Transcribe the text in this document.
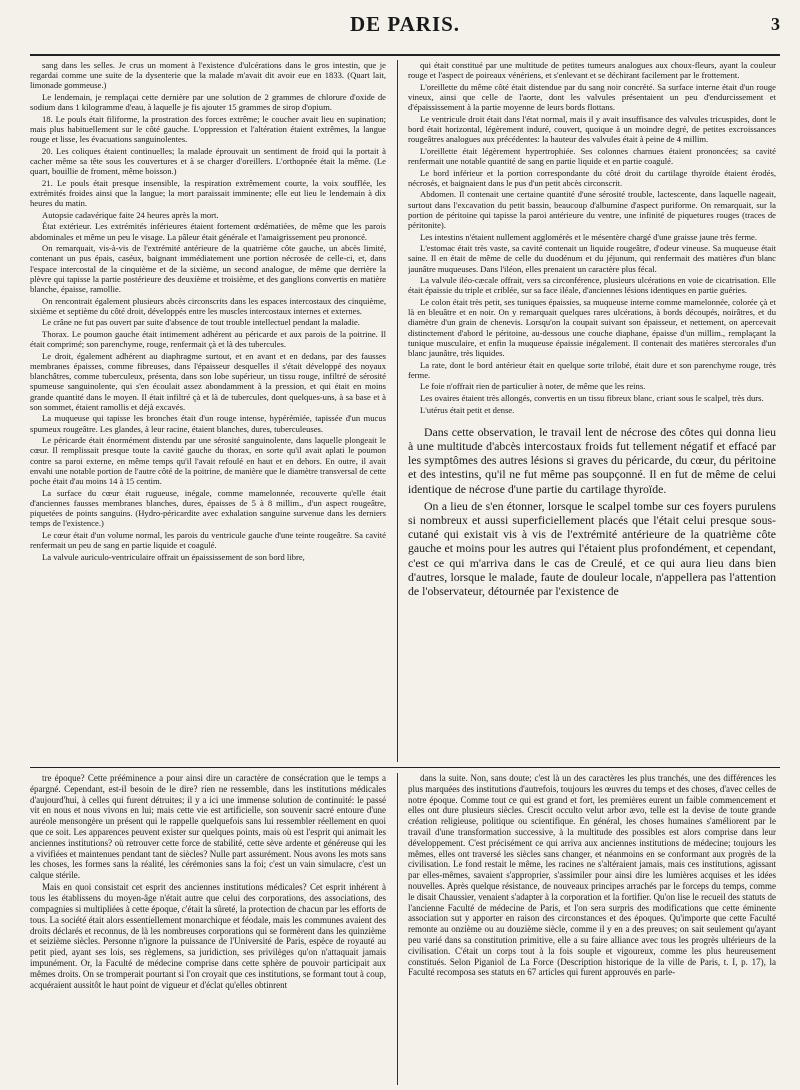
DE PARIS.	3

sang dans les selles. Je crus un moment à l'existence d'ulcérations dans le gros intestin, que je regardai comme une suite de la dysenterie que la malade m'avait dit avoir eue en 1833. (Quart lait, limonade gommeuse.)

Le lendemain, je remplaçai cette dernière par une solution de 2 grammes de chlorure d'oxide de sodium dans 1 kilogramme d'eau, à laquelle je fis ajouter 15 grammes de sirop d'opium.

18. Le pouls était filiforme, la prostration des forces extrême; le coucher avait lieu en supination; mais plus habituellement sur le côté gauche. L'oppression et l'altération étaient extrêmes, la langue rouge et lisse, les évacuations sanguinolentes.

20. Les coliques étaient continuelles; la malade éprouvait un sentiment de froid qui la portait à cacher même sa tête sous les couvertures et à se charger d'oreillers. L'orthopnée était la même. (Le quart, bouillie de froment, même boisson.)

21. Le pouls était presque insensible, la respiration extrêmement courte, la voix soufflée, les extrémités froides ainsi que la langue; la mort paraissait imminente; elle eut lieu le lendemain à dix heures du matin.

Autopsie cadavérique faite 24 heures après la mort.

État extérieur. Les extrémités inférieures étaient fortement œdématiées, de même que les parois abdominales et même un peu le visage. La pâleur était générale et l'amaigrissement peu prononcé.

On remarquait, vis-à-vis de l'extrémité antérieure de la quatrième côte gauche, un abcès limité, contenant un pus épais, caséux, baignant immédiatement une portion nécrosée de celle-ci, et, dans l'espace intercostal de la cinquième et de la sixième, un second analogue, de même que derrière la plèvre qui tapisse la partie postérieure des deuxième et troisième, et des ganglions convertis en matière blanche, épaisse, ramollie.

On rencontrait également plusieurs abcès circonscrits dans les espaces intercostaux des cinquième, sixième et septième du côté droit, développés entre les muscles intercostaux internes et externes.

Le crâne ne fut pas ouvert par suite d'absence de tout trouble intellectuel pendant la maladie.

Thorax. Le poumon gauche était intimement adhérent au péricarde et aux parois de la poitrine. Il était comprimé; son parenchyme, rouge, renfermait çà et là des tubercules.

Le droit, également adhérent au diaphragme surtout, et en avant et en dedans, par des fausses membranes épaisses, comme fibreuses, dans l'épaisseur desquelles il s'était développé des noyaux blanchâtres, comme tuberculeux, présenta, dans son lobe supérieur, un tissu rouge, infiltré de sérosité spumeuse sanguinolente, qui s'en écoulait assez abondamment à la pression, et qui était en moins grande quantité dans le moyen. Il était infiltré çà et là de tubercules, dont quelques-uns, à sa base et à son sommet, étaient ramollis et déjà excavés.

La muqueuse qui tapisse les bronches était d'un rouge intense, hypérémiée, tapissée d'un mucus spumeux rougeâtre. Les glandes, à leur racine, étaient blanches, dures, tuberculeuses.

Le péricarde était énormément distendu par une sérosité sanguinolente, dans laquelle plongeait le cœur. Il remplissait presque toute la cavité gauche du thorax, en sorte qu'il avait aplati le poumon contre sa paroi externe, en même temps qu'il l'avait refoulé en haut et en dehors. En outre, il avait envahi une notable portion de l'autre côté de la poitrine, de manière que le diamètre transversal de cette poche était d'au moins 14 à 15 centim.

La surface du cœur était rugueuse, inégale, comme mamelonnée, recouverte qu'elle était d'anciennes fausses membranes blanches, dures, épaisses de 5 à 8 millim., d'un aspect rougeâtre, piquetées de points sanguins. (Hydro-péricardite avec exhalation sanguine survenue dans les derniers temps de l'existence.)

Le cœur était d'un volume normal, les parois du ventricule gauche d'une teinte rougeâtre. Sa cavité renfermait un peu de sang en partie liquide et coagulé.

La valvule auriculo-ventriculaire offrait un épaississement de son bord libre,

qui était constitué par une multitude de petites tumeurs analogues aux choux-fleurs, ayant la couleur rouge et l'aspect de poireaux vénériens, et s'enlevant et se déchirant facilement par le frottement.

L'oreillette du même côté était distendue par du sang noir concrété. Sa surface interne était d'un rouge vineux, ainsi que celle de l'aorte, dont les valvules présentaient un peu d'endurcissement et d'épaississement à la partie moyenne de leurs bords flottans.

Le ventricule droit était dans l'état normal, mais il y avait insuffisance des valvules tricuspides, dont le bord était horizontal, légèrement induré, couvert, quoique à un moindre degré, de petites excroissances rougeâtres analogues aux précédentes: la hauteur des valvules était à peine de 4 millim.

L'oreillette était légèrement hypertrophiée. Ses colonnes charnues étaient prononcées; sa cavité renfermait une notable quantité de sang en partie liquide et en partie coagulé.

Le bord inférieur et la portion correspondante du côté droit du cartilage thyroïde étaient érodés, nécrosés, et baignaient dans le pus d'un petit abcès circonscrit.

Abdomen. Il contenait une certaine quantité d'une sérosité trouble, lactescente, dans laquelle nageait, surtout dans l'excavation du petit bassin, beaucoup d'albumine d'aspect puriforme. On remarquait, sur la portion de péritoine qui tapisse la paroi antérieure du ventre, une infinité de piquetures rouges (traces de péritonite).

Les intestins n'étaient nullement agglomérés et le mésentère chargé d'une graisse jaune très ferme.

L'estomac était très vaste, sa cavité contenait un liquide rougeâtre, d'odeur vineuse. Sa muqueuse était saine. Il en était de même de celle du duodénum et du jéjunum, qui renfermait des matières d'un blanc jaunâtre muqueuses. Dans l'iléon, elles prenaient un caractère plus fécal.

La valvule iléo-cæcale offrait, vers sa circonférence, plusieurs ulcérations en voie de cicatrisation. Elle était épaissie du triple et criblée, sur sa face iléale, d'anciennes lésions identiques en partie guéries.

Le colon était très petit, ses tuniques épaissies, sa muqueuse interne comme mamelonnée, colorée çà et là en bleuâtre et en noir. On y remarquait quelques rares ulcérations, à bords découpés, noirâtres, et du diamètre d'un grain de chenevis. Lorsqu'on la coupait suivant son épaisseur, et nettement, on apercevait distinctement d'abord le péritoine, au-dessous une couche diaphane, épaisse d'un millim., remplaçant la tunique musculaire, et enfin la muqueuse épaissie inégalement. Il contenait des matières stercorales d'un blanc jaunâtre, très liquides.

La rate, dont le bord antérieur était en quelque sorte trilobé, était dure et son parenchyme rouge, très ferme.

Le foie n'offrait rien de particulier à noter, de même que les reins.

Les ovaires étaient très allongés, convertis en un tissu fibreux blanc, criant sous le scalpel, très durs.

L'utérus était petit et dense.

Dans cette observation, le travail lent de nécrose des côtes qui donna lieu à une multitude d'abcès intercostaux froids fut tellement négatif et effacé par les symptômes des autres lésions si graves du péricarde, du cœur, du péritoine et des intestins, qu'il ne fut même pas soupçonné. Il en fut de même de celui identique de nécrose d'une partie du cartilage thyroïde.

On a lieu de s'en étonner, lorsque le scalpel tombe sur ces foyers purulens si nombreux et aussi superficiellement placés que l'était celui presque sous-cutané qui existait vis à vis de l'extrémité antérieure de la quatrième côte gauche et moins pour les autres qui l'étaient plus profondément, et cependant, c'est ce qui m'arriva dans le cas de Creulé, et ce qui aura lieu dans bien d'autres, lorsque le malade, faute de douleur locale, n'appellera pas l'attention de l'observateur, détournée par l'existence de

tre époque? Cette prééminence a pour ainsi dire un caractère de consécration que le temps a épargné. Cependant, est-il besoin de le dire? rien ne ressemble, dans les institutions médicales d'aujourd'hui, à celles qui furent détruites; il y a ici une immense solution de continuité: le passé vit en nous et nous vivons en lui; mais cette vie est artificielle, son souvenir sacré entoure d'une auréole mensongère un présent qui le rappelle quelquefois sans lui ressembler réellement en quoi que ce soit. Les apparences peuvent exister sur quelques points, mais où est l'esprit qui animait les anciennes institutions? où retrouver cette force de stabilité, cette sève ardente et généreuse qui les a vivifiées et maintenues pendant tant de siècles? Nulle part assurément. Nous avons les mots sans les choses, les formes sans la réalité, les cérémonies sans la foi; c'est un vain simulacre, c'est un calque stérile.

Mais en quoi consistait cet esprit des anciennes institutions médicales? Cet esprit inhérent à tous les établissens du moyen-âge n'était autre que celui des corporations, des associations, des compagnies si multipliées à cette époque, c'était la sûreté, la protection de chacun par les efforts de tous. La société était alors essentiellement monarchique et féodale, mais les communes avaient des droits déclarés et reconnus, de là les nombreuses corporations qui se formèrent dans les quinzième et seizième siècles. Personne n'ignore la puissance de l'Université de Paris, espèce de royauté au petit pied, ayant ses lois, ses règlemens, sa juridiction, ses privilèges qu'on n'attaquait jamais impunément. Or, la Faculté de médecine comprise dans cette sphère de pouvoir participait aux mêmes droits. On se tromperait pourtant si l'on croyait que ces institutions, se formant tout à coup, acquéraient aussitôt le haut point de vigueur et d'éclat qu'elles obtinrent

dans la suite. Non, sans doute; c'est là un des caractères les plus tranchés, une des différences les plus marquées des institutions d'autrefois, toujours les œuvres du temps et des choses, d'avec celles de notre époque. Comme tout ce qui est grand et fort, les premières eurent un faible commencement et elles ont dure plusieurs siècles. Crescit occulto velut arbor ævo, telle est la devise de toute grande création religieuse, politique ou scientifique. En général, les choses humaines s'améliorent par le travail d'une transformation successive, à la multitude des possibles est alors comprise dans leur développement. C'est précisément ce qui arriva aux anciennes institutions de médecine; toujours les mêmes, elles ont traversé les siècles sans changer, et néanmoins en se conformant aux progrès de la civilisation. Le fond restait le même, les racines ne s'altéraient jamais, mais ces institutions, agissant par elles-mêmes, savaient s'approprier, s'assimiler pour ainsi dire les lumières acquises et les idées nouvelles. Après quelque résistance, de nouveaux principes arrachés par le forceps du temps, comme le disait Chaussier, venaient s'adapter à la corporation et la fortifier. Qu'on lise le recueil des statuts de l'ancienne Faculté de médecine de Paris, et l'on sera surpris des modifications que cette éminente association sut y apporter en raison des circonstances et des époques. Qu'importe que cette Faculté remonte au onzième ou au douzième siècle, comme il y en a des preuves; on sait seulement qu'ayant peu varié dans sa constitution primitive, elle a su faire alliance avec tous les progrès ultérieurs de la civilisation. C'était un corps tout à la fois souple et vigoureux, comme les plus heureusement constitués. Selon Piganiol de La Force (Description historique de la ville de Paris, t. I, p. 17), la Faculté recomposa ses statuts en 67 articles qui furent approuvés en parle-
